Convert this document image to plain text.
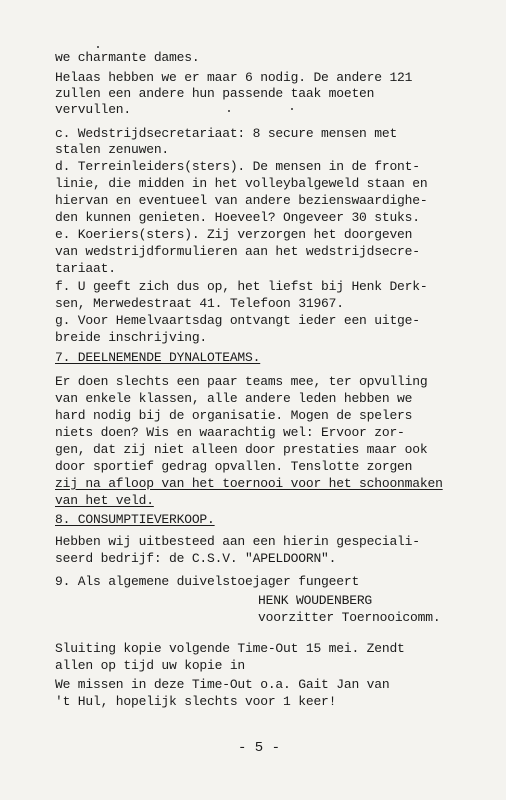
we charmante dames.
Helaas hebben we er maar 6 nodig. De andere 121
zullen een andere hun passende taak moeten
vervullen.
c. Wedstrijdsecretariaat: 8 secure mensen met
stalen zenuwen.
d. Terreinleiders(sters). De mensen in de front-
linie, die midden in het volleybalgeweld staan en
hiervan en eventueel van andere bezienswaardighe-
den kunnen genieten. Hoeveel? Ongeveer 30 stuks.
e. Koeriers(sters). Zij verzorgen het doorgeven
van wedstrijdformulieren aan het wedstrijdsecre-
tariaat.
f. U geeft zich dus op, het liefst bij Henk Derk-
sen, Merwedestraat 41. Telefoon 31967.
g. Voor Hemelvaartsdag ontvangt ieder een uitge-
breide inschrijving.
7. DEELNEMENDE DYNALOTEAMS.
Er doen slechts een paar teams mee, ter opvulling
van enkele klassen, alle andere leden hebben we
hard nodig bij de organisatie. Mogen de spelers
niets doen? Wis en waarachtig wel: Ervoor zor-
gen, dat zij niet alleen door prestaties maar ook
door sportief gedrag opvallen. Tenslotte zorgen
zij na afloop van het toernooi voor het schoonmaken
van het veld.
8. CONSUMPTIEVERKOOP.
Hebben wij uitbesteed aan een hierin gespeciali-
seerd bedrijf: de C.S.V. "APELDOORN".
9. Als algemene duivelstoejager fungeert
HENK WOUDENBERG
voorzitter Toernooicomm.
Sluiting kopie volgende Time-Out 15 mei. Zendt
allen op tijd uw kopie in
We missen in deze Time-Out o.a. Gait Jan van
't Hul, hopelijk slechts voor 1 keer!
- 5 -
